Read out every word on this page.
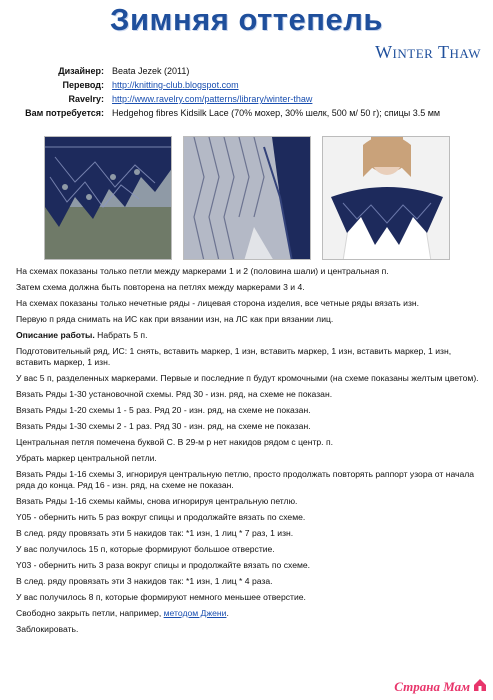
Зимняя оттепель
Winter Thaw
Дизайнер: Beata Jezek (2011)
Перевод: http://knitting-club.blogspot.com
Ravelry: http://www.ravelry.com/patterns/library/winter-thaw
Вам потребуется: Hedgehog fibres Kidsilk Lace (70% мохер, 30% шелк, 500 м/ 50 г); спицы 3.5 мм

На схемах показаны только петли между маркерами 1 и 2 (половина шали) и центральная п.

Затем схема должна быть повторена на петлях между маркерами 3 и 4.

На схемах показаны только нечетные ряды - лицевая сторона изделия, все четные ряды вязать изн.

Первую п ряда снимать на ИС как при вязании изн, на ЛС как при вязании лиц.

Описание работы. Набрать 5 п.

Подготовительный ряд, ИС: 1 снять, вставить маркер, 1 изн, вставить маркер, 1 изн, вставить маркер, 1 изн, вставить маркер, 1 изн.

У вас 5 п, разделенных маркерами. Первые и последние п будут кромочными (на схеме показаны желтым цветом).

Вязать Ряды 1-30 установочной схемы. Ряд 30 - изн. ряд, на схеме не показан.

Вязать Ряды 1-20 схемы 1 - 5 раз. Ряд 20 - изн. ряд, на схеме не показан.

Вязать Ряды 1-30 схемы 2 - 1 раз. Ряд 30 - изн. ряд, на схеме не показан.

Центральная петля помечена буквой С. В 29-м р нет накидов рядом с центр. п.

Убрать маркер центральной петли.

Вязать Ряды 1-16 схемы 3, игнорируя центральную петлю, просто продолжать повторять раппорт узора от начала ряда до конца. Ряд 16 - изн. ряд, на схеме не показан.

Вязать Ряды 1-16 схемы каймы, снова игнорируя центральную петлю.

Y05 - обернить нить 5 раз вокруг спицы и продолжайте вязать по схеме.

В след. ряду провязать эти 5 накидов так: *1 изн, 1 лиц * 7 раз, 1 изн.

У вас получилось 15 п, которые формируют большое отверстие.

Y03 - обернить нить 3 раза вокруг спицы и продолжайте вязать по схеме.

В след. ряду провязать эти 3 накидов так: *1 изн, 1 лиц * 4 раза.

У вас получилось 8 п, которые формируют немного меньшее отверстие.

Свободно закрыть петли, например, методом Джени.

Заблокировать.

Страна Мам
